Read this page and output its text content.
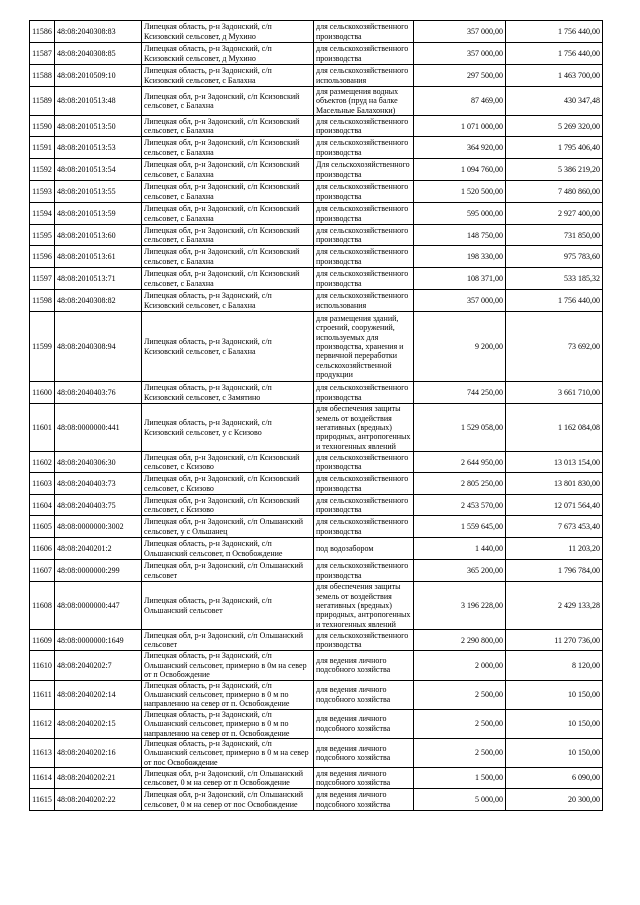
11586	48:08:2040308:83	Липецкая область, р-н Задонский, с/п Ксизовский сельсовет, д Мухино	для сельскохозяйственного производства	357 000,00	1 756 440,00
11587	48:08:2040308:85	Липецкая область, р-н Задонский, с/п Ксизовский сельсовет, д Мухино	для сельскохозяйственного производства	357 000,00	1 756 440,00
11588	48:08:2010509:10	Липецкая область, р-н Задонский, с/п Ксизовский сельсовет, с Балахна	для сельскохозяйственного использования	297 500,00	1 463 700,00
11589	48:08:2010513:48	Липецкая обл, р-н Задонский, с/п Ксизовский сельсовет, с Балахна	для размещения водных объектов (пруд на балке Масельные Балахонки)	87 469,00	430 347,48
11590	48:08:2010513:50	Липецкая обл, р-н Задонский, с/п Ксизовский сельсовет, с Балахна	для сельскохозяйственного производства	1 071 000,00	5 269 320,00
11591	48:08:2010513:53	Липецкая обл, р-н Задонский, с/п Ксизовский сельсовет, с Балахна	для сельскохозяйственного производства	364 920,00	1 795 406,40
11592	48:08:2010513:54	Липецкая обл, р-н Задонский, с/п Ксизовский сельсовет, с Балахна	Для сельскохозяйственного производства	1 094 760,00	5 386 219,20
11593	48:08:2010513:55	Липецкая обл, р-н Задонский, с/п Ксизовский сельсовет, с Балахна	для сельскохозяйственного производства	1 520 500,00	7 480 860,00
11594	48:08:2010513:59	Липецкая обл, р-н Задонский, с/п Ксизовский сельсовет, с Балахна	для сельскохозяйственного производства	595 000,00	2 927 400,00
11595	48:08:2010513:60	Липецкая обл, р-н Задонский, с/п Ксизовский сельсовет, с Балахна	для сельскохозяйственного производства	148 750,00	731 850,00
11596	48:08:2010513:61	Липецкая обл, р-н Задонский, с/п Ксизовский сельсовет, с Балахна	для сельскохозяйственного производства	198 330,00	975 783,60
11597	48:08:2010513:71	Липецкая обл, р-н Задонский, с/п Ксизовский сельсовет, с Балахна	для сельскохозяйственного производства	108 371,00	533 185,32
11598	48:08:2040308:82	Липецкая область, р-н Задонский, с/п Ксизовский сельсовет, с Балахна	для сельскохозяйственного использования	357 000,00	1 756 440,00
11599	48:08:2040308:94	Липецкая область, р-н Задонский, с/п Ксизовский сельсовет, с Балахна	для размещения зданий, строений, сооружений, используемых для производства, хранения и первичной переработки сельскохозяйственной продукции	9 200,00	73 692,00
11600	48:08:2040403:76	Липецкая область, р-н Задонский, с/п Ксизовский сельсовет, с Замятино	для сельскохозяйственного производства	744 250,00	3 661 710,00
11601	48:08:0000000:441	Липецкая область, р-н Задонский, с/п Ксизовский сельсовет, у с Ксизово	для обеспечения защиты земель от воздействия негативных (вредных) природных, антропогенных и техногенных явлений	1 529 058,00	1 162 084,08
11602	48:08:2040306:30	Липецкая обл, р-н Задонский, с/п Ксизовский сельсовет, с Ксизово	для сельскохозяйственного производства	2 644 950,00	13 013 154,00
11603	48:08:2040403:73	Липецкая обл, р-н Задонский, с/п Ксизовский сельсовет, с Ксизово	для сельскохозяйственного производства	2 805 250,00	13 801 830,00
11604	48:08:2040403:75	Липецкая обл, р-н Задонский, с/п Ксизовский сельсовет, с Ксизово	для сельскохозяйственного производства	2 453 570,00	12 071 564,40
11605	48:08:0000000:3002	Липецкая обл, р-н Задонский, с/п Ольшанский сельсовет, у с Ольшанец	для сельскохозяйственного производства	1 559 645,00	7 673 453,40
11606	48:08:2040201:2	Липецкая область, р-н Задонский, с/п Ольшанский сельсовет, п Освобождение	под водозабором	1 440,00	11 203,20
11607	48:08:0000000:299	Липецкая обл, р-н Задонский, с/п Ольшанский сельсовет	для сельскохозяйственного производства	365 200,00	1 796 784,00
11608	48:08:0000000:447	Липецкая область, р-н Задонский, с/п Ольшанский сельсовет	для обеспечения защиты земель от воздействия негативных (вредных) природных, антропогенных и техногенных явлений	3 196 228,00	2 429 133,28
11609	48:08:0000000:1649	Липецкая обл, р-н Задонский, с/п Ольшанский сельсовет	для сельскохозяйственного производства	2 290 800,00	11 270 736,00
11610	48:08:2040202:7	Липецкая область, р-н Задонский, с/п Ольшанский сельсовет, примерно в 0м на север от п Освобождение	для ведения личного подсобного хозяйства	2 000,00	8 120,00
11611	48:08:2040202:14	Липецкая область, р-н Задонский, с/п Ольшанский сельсовет, примерно в 0 м по направлению на север от п. Освобождение	для ведения личного подсобного хозяйства	2 500,00	10 150,00
11612	48:08:2040202:15	Липецкая область, р-н Задонский, с/п Ольшанский сельсовет, примерно в 0 м по направлению на север от п. Освобождение	для ведения личного подсобного хозяйства	2 500,00	10 150,00
11613	48:08:2040202:16	Липецкая область, р-н Задонский, с/п Ольшанский сельсовет, примерно в 0 м на север от пос Освобождение	для ведения личного подсобного хозяйства	2 500,00	10 150,00
11614	48:08:2040202:21	Липецкая обл, р-н Задонский, с/п Ольшанский сельсовет, 0 м на север от п Освобождение	для ведения личного подсобного хозяйства	1 500,00	6 090,00
11615	48:08:2040202:22	Липецкая обл, р-н Задонский, с/п Ольшанский сельсовет, 0 м на север от пос Освобождение	для ведения личного подсобного хозяйства	5 000,00	20 300,00
